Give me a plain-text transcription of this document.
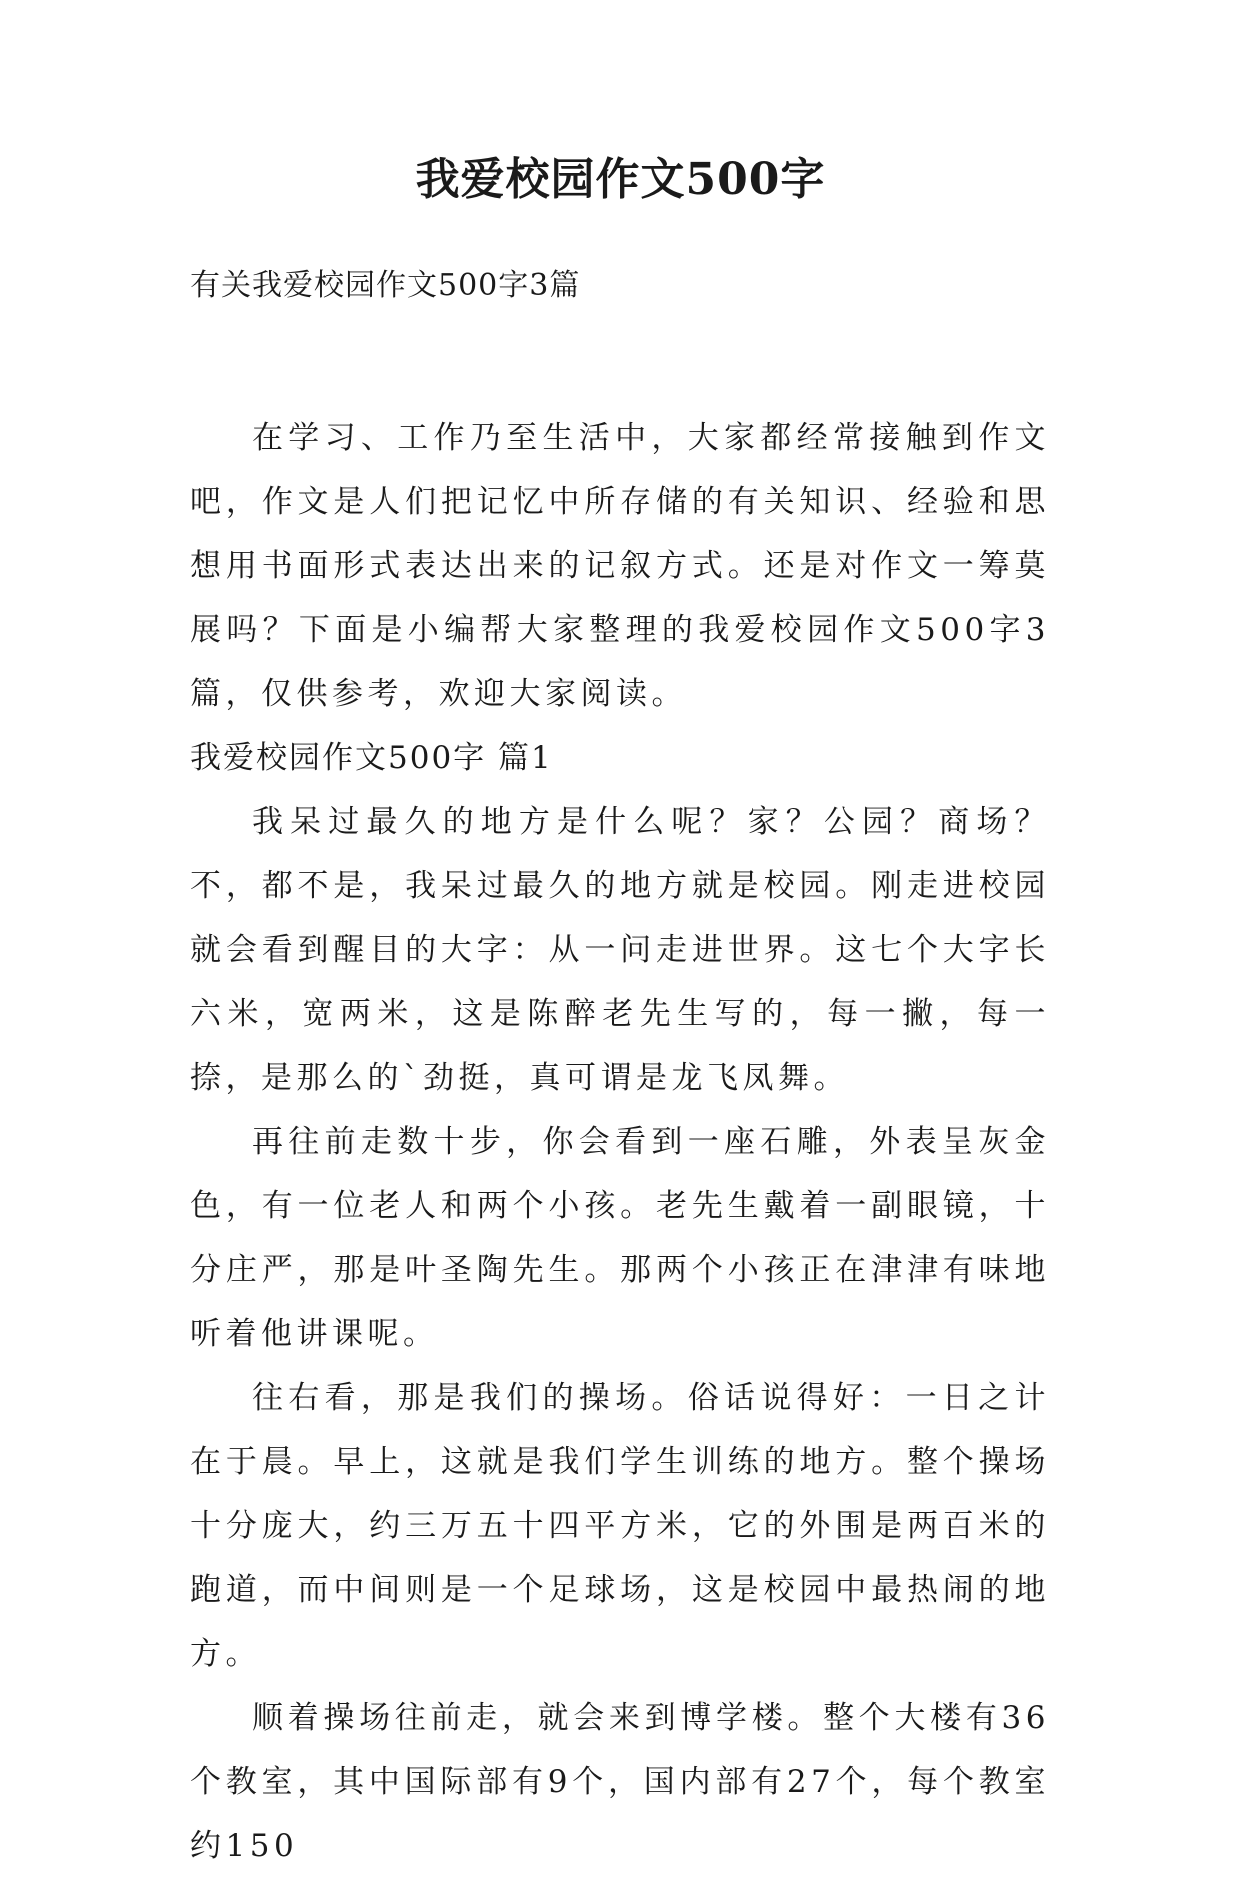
我爱校园作文500字
有关我爱校园作文500字3篇

在学习、工作乃至生活中，大家都经常接触到作文吧，作文是人们把记忆中所存储的有关知识、经验和思想用书面形式表达出来的记叙方式。还是对作文一筹莫展吗？下面是小编帮大家整理的我爱校园作文500字3篇，仅供参考，欢迎大家阅读。

我爱校园作文500字 篇1

我呆过最久的地方是什么呢？家？公园？商场？不，都不是，我呆过最久的地方就是校园。刚走进校园就会看到醒目的大字：从一问走进世界。这七个大字长六米，宽两米，这是陈醉老先生写的，每一撇，每一捺，是那么的`劲挺，真可谓是龙飞凤舞。

再往前走数十步，你会看到一座石雕，外表呈灰金色，有一位老人和两个小孩。老先生戴着一副眼镜，十分庄严，那是叶圣陶先生。那两个小孩正在津津有味地听着他讲课呢。

往右看，那是我们的操场。俗话说得好：一日之计在于晨。早上，这就是我们学生训练的地方。整个操场十分庞大，约三万五十四平方米，它的外围是两百米的跑道，而中间则是一个足球场，这是校园中最热闹的地方。

顺着操场往前走，就会来到博学楼。整个大楼有36个教室，其中国际部有9个，国内部有27个，每个教室约150
